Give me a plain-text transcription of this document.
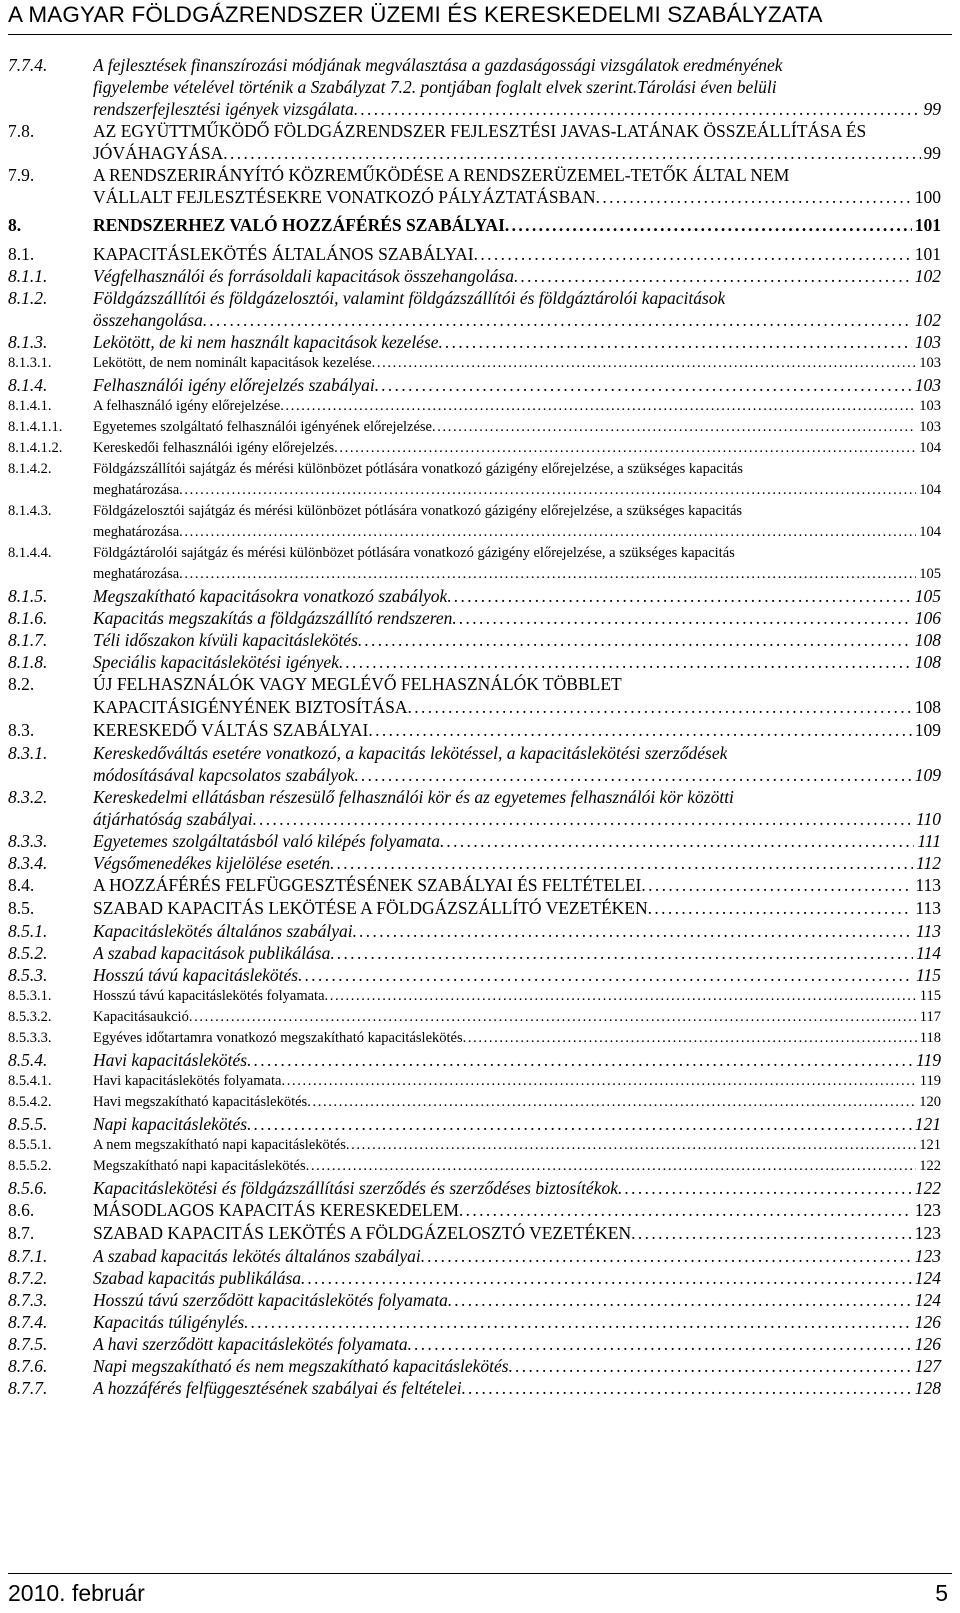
A MAGYAR FÖLDGÁZRENDSZER ÜZEMI ÉS KERESKEDELMI SZABÁLYZATA
7.7.4.	A fejlesztések finanszírozási módjának megválasztása a gazdaságossági vizsgálatok eredményének
figyelembe vételével történik a Szabályzat 7.2. pontjában foglalt elvek szerint.Tárolási éven belüli
rendszerfejlesztési igények vizsgálata . . .	99
7.8.	AZ EGYÜTTMŰKÖDŐ FÖLDGÁZRENDSZER FEJLESZTÉSI JAVAS-LATÁNAK ÖSSZEÁLLÍTÁSA ÉS
JÓVÁHAGYÁSA . . .	99
7.9.	A RENDSZERIRÁNYÍTÓ KÖZREMŰKÖDÉSE A RENDSZERÜZEMEL-TETŐK ÁLTAL NEM
VÁLLALT FEJLESZTÉSEKRE VONATKOZÓ PÁLYÁZTATÁSBAN . . .	100
8.	RENDSZERHEZ VALÓ HOZZÁFÉRÉS SZABÁLYAI . . .	101
8.1.	KAPACITÁSLEKÖTÉS ÁLTALÁNOS SZABÁLYAI . . .	101
8.1.1.	Végfelhasználói és forrásoldali kapacitások összehangolása . . .	102
8.1.2.	Földgázszállítói és földgázelosztói, valamint földgázszállítói és földgáztárolói kapacitások
összehangolása . . .	102
8.1.3.	Lekötött, de ki nem használt kapacitások kezelése . . .	103
8.1.3.1.	Lekötött, de nem nominált kapacitások kezelése . . .	103
8.1.4.	Felhasználói igény előrejelzés szabályai . . .	103
8.1.4.1.	A felhasználó igény előrejelzése . . .	103
8.1.4.1.1.	Egyetemes szolgáltató felhasználói igényének előrejelzése . . .	103
8.1.4.1.2.	Kereskedői felhasználói igény előrejelzés . . .	104
8.1.4.2.	Földgázszállítói sajátgáz és mérési különbözet pótlására vonatkozó gázigény előrejelzése, a szükséges kapacitás
meghatározása . . .	104
8.1.4.3.	Földgázelosztói sajátgáz és mérési különbözet pótlására vonatkozó gázigény előrejelzése, a szükséges kapacitás
meghatározása . . .	104
8.1.4.4.	Földgáztárolói sajátgáz és mérési különbözet pótlására vonatkozó gázigény előrejelzése, a szükséges kapacitás
meghatározása . . .	105
8.1.5.	Megszakítható kapacitásokra vonatkozó szabályok . . .	105
8.1.6.	Kapacitás megszakítás a földgázszállító rendszeren . . .	106
8.1.7.	Téli időszakon kívüli kapacitáslekötés . . .	108
8.1.8.	Speciális kapacitáslekötési igények . . .	108
8.2.	ÚJ FELHASZNÁLÓK VAGY MEGLÉVŐ FELHASZNÁLÓK TÖBBLET
KAPACITÁSIGÉNYÉNEK BIZTOSÍTÁSA . . .	108
8.3.	KERESKEDŐ VÁLTÁS SZABÁLYAI . . .	109
8.3.1.	Kereskedőváltás esetére vonatkozó, a kapacitás lekötéssel, a kapacitáslekötési szerződések
módosításával kapcsolatos szabályok . . .	109
8.3.2.	Kereskedelmi ellátásban részesülő felhasználói kör és az egyetemes felhasználói kör közötti
átjárhatóság szabályai . . .	110
8.3.3.	Egyetemes szolgáltatásból való kilépés folyamata . . .	111
8.3.4.	Végsőmenedékes kijelölése esetén . . .	112
8.4.	A HOZZÁFÉRÉS FELFÜGGESZTÉSÉNEK SZABÁLYAI ÉS FELTÉTELEI . . .	113
8.5.	SZABAD KAPACITÁS LEKÖTÉSE A FÖLDGÁZSZÁLLÍTÓ VEZETÉKEN . . .	113
8.5.1.	Kapacitáslekötés általános szabályai . . .	113
8.5.2.	A szabad kapacitások publikálása . . .	114
8.5.3.	Hosszú távú kapacitáslekötés . . .	115
8.5.3.1.	Hosszú távú kapacitáslekötés folyamata . . .	115
8.5.3.2.	Kapacitásaukció . . .	117
8.5.3.3.	Egyéves időtartamra vonatkozó megszakítható kapacitáslekötés . . .	118
8.5.4.	Havi kapacitáslekötés . . .	119
8.5.4.1.	Havi kapacitáslekötés folyamata . . .	119
8.5.4.2.	Havi megszakítható kapacitáslekötés . . .	120
8.5.5.	Napi kapacitáslekötés . . .	121
8.5.5.1.	A nem megszakítható napi kapacitáslekötés . . .	121
8.5.5.2.	Megszakítható napi kapacitáslekötés . . .	122
8.5.6.	Kapacitáslekötési és földgázszállítási szerződés és szerződéses biztosítékok . . .	122
8.6.	MÁSODLAGOS KAPACITÁS KERESKEDELEM . . .	123
8.7.	SZABAD KAPACITÁS LEKÖTÉS A FÖLDGÁZELOSZTÓ VEZETÉKEN . . .	123
8.7.1.	A szabad kapacitás lekötés általános szabályai . . .	123
8.7.2.	Szabad kapacitás publikálása . . .	124
8.7.3.	Hosszú távú szerződött kapacitáslekötés folyamata . . .	124
8.7.4.	Kapacitás túligénylés . . .	126
8.7.5.	A havi szerződött kapacitáslekötés folyamata . . .	126
8.7.6.	Napi megszakítható és nem megszakítható kapacitáslekötés . . .	127
8.7.7.	A hozzáférés felfüggesztésének szabályai és feltételei . . .	128
2010. február	5
